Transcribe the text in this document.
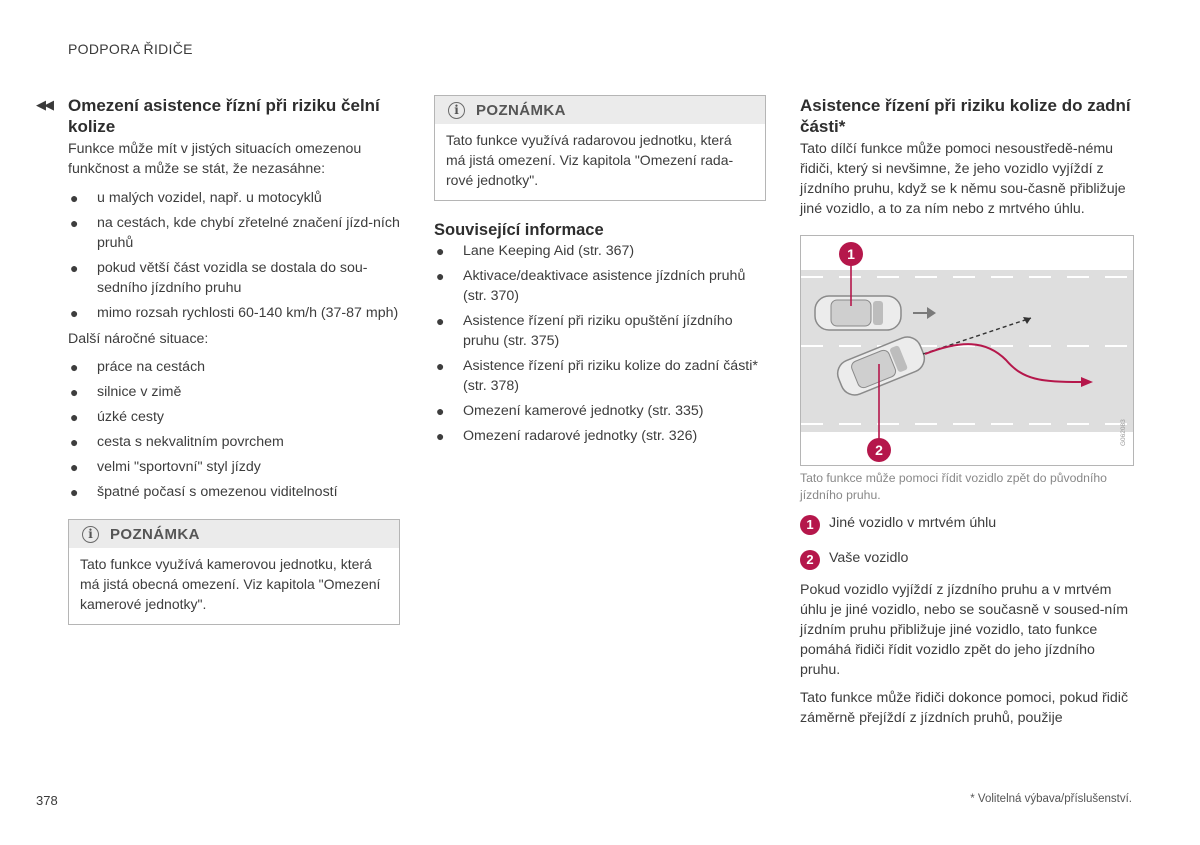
PODPORA ŘIDIČE
◀◀ Omezení asistence řízní při riziku čelní kolize

Funkce může mít v jistých situacích omezenou funkčnost a může se stát, že nezasáhne:

● u malých vozidel, např. u motocyklů
● na cestách, kde chybí zřetelné značení jízd-ních pruhů
● pokud větší část vozidla se dostala do sou-sedního jízdního pruhu
● mimo rozsah rychlosti 60-140 km/h (37-87 mph)

Další náročné situace:

● práce na cestách
● silnice v zimě
● úzké cesty
● cesta s nekvalitním povrchem
● velmi "sportovní" styl jízdy
● špatné počasí s omezenou viditelností
i	POZNÁMKA
Tato funkce využívá kamerovou jednotku, která má jistá obecná omezení. Viz kapitola "Omezení kamerové jednotky".
i	POZNÁMKA
Tato funkce využívá radarovou jednotku, která má jistá omezení. Viz kapitola "Omezení rada-rové jednotky".
Související informace
● Lane Keeping Aid (str. 367)
● Aktivace/deaktivace asistence jízdních pruhů (str. 370)
● Asistence řízení při riziku opuštění jízdního pruhu (str. 375)
● Asistence řízení při riziku kolize do zadní části* (str. 378)
● Omezení kamerové jednotky (str. 335)
● Omezení radarové jednotky (str. 326)
Asistence řízení při riziku kolize do zadní části*

Tato dílčí funkce může pomoci nesoustředě-nému řidiči, který si nevšimne, že jeho vozidlo vyjíždí z jízdního pruhu, když se k němu sou-časně přibližuje jiné vozidlo, a to za ním nebo z mrtvého úhlu.

1
2
G062083

Tato funkce může pomoci řídit vozidlo zpět do původního jízdního pruhu.

1	Jiné vozidlo v mrtvém úhlu
2	Vaše vozidlo

Pokud vozidlo vyjíždí z jízdního pruhu a v mrtvém úhlu je jiné vozidlo, nebo se současně v soused-ním jízdním pruhu přibližuje jiné vozidlo, tato funkce pomáhá řidiči řídit vozidlo zpět do jeho jízdního pruhu.

Tato funkce může řidiči dokonce pomoci, pokud řidič záměrně přejíždí z jízdních pruhů, použije

378	* Volitelná výbava/příslušenství.
